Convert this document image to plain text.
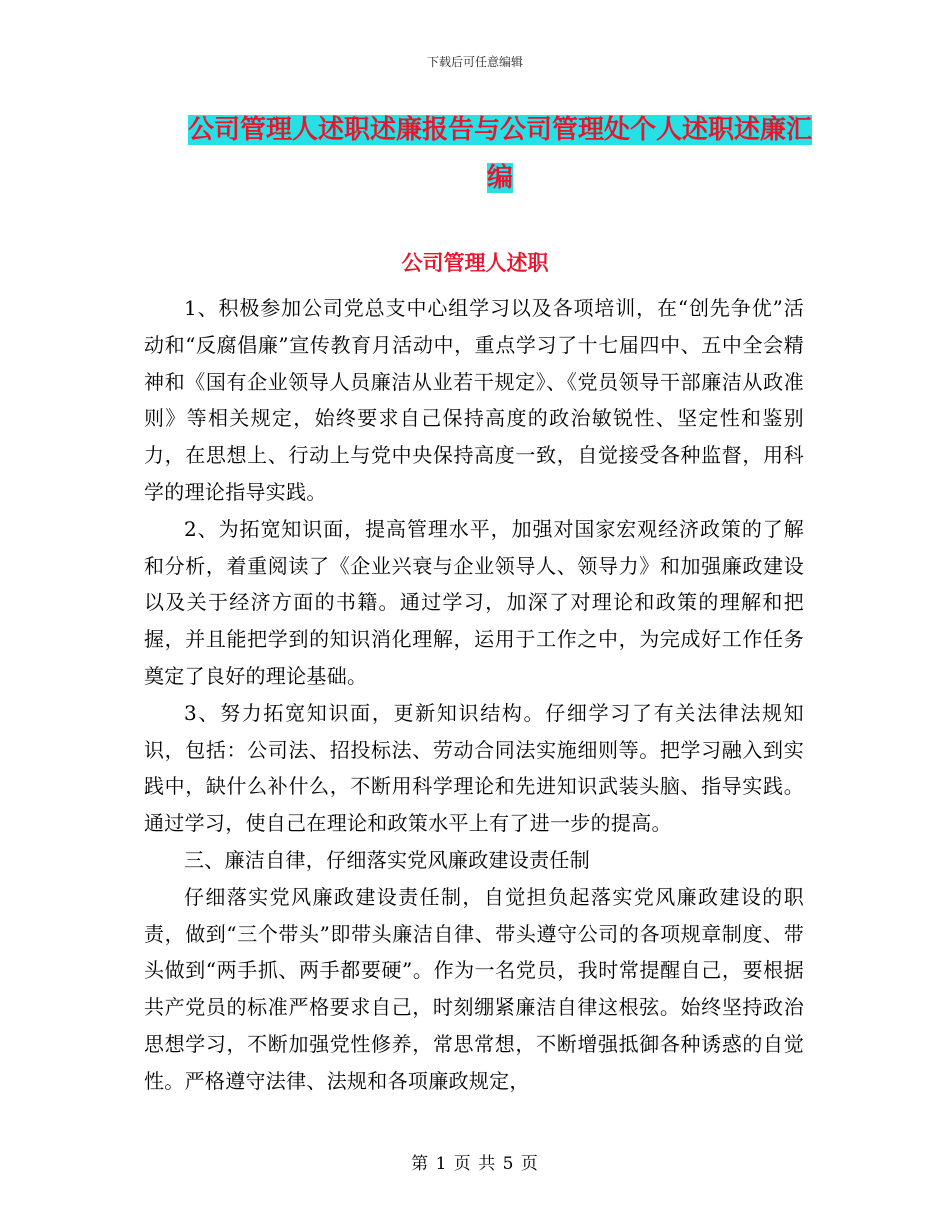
下载后可任意编辑
公司管理人述职述廉报告与公司管理处个人述职述廉汇编
公司管理人述职

1、积极参加公司党总支中心组学习以及各项培训，在“创先争优”活动和“反腐倡廉”宣传教育月活动中，重点学习了十七届四中、五中全会精神和《国有企业领导人员廉洁从业若干规定》、《党员领导干部廉洁从政准则》等相关规定，始终要求自己保持高度的政治敏锐性、坚定性和鉴别力，在思想上、行动上与党中央保持高度一致，自觉接受各种监督，用科学的理论指导实践。

2、为拓宽知识面，提高管理水平，加强对国家宏观经济政策的了解和分析，着重阅读了《企业兴衰与企业领导人、领导力》和加强廉政建设以及关于经济方面的书籍。通过学习，加深了对理论和政策的理解和把握，并且能把学到的知识消化理解，运用于工作之中，为完成好工作任务奠定了良好的理论基础。

3、努力拓宽知识面，更新知识结构。仔细学习了有关法律法规知识，包括：公司法、招投标法、劳动合同法实施细则等。把学习融入到实践中，缺什么补什么，不断用科学理论和先进知识武装头脑、指导实践。通过学习，使自己在理论和政策水平上有了进一步的提高。

三、廉洁自律，仔细落实党风廉政建设责任制

仔细落实党风廉政建设责任制，自觉担负起落实党风廉政建设的职责，做到“三个带头”即带头廉洁自律、带头遵守公司的各项规章制度、带头做到“两手抓、两手都要硬”。作为一名党员，我时常提醒自己，要根据共产党员的标准严格要求自己，时刻绷紧廉洁自律这根弦。始终坚持政治思想学习，不断加强党性修养，常思常想，不断增强抵御各种诱惑的自觉性。严格遵守法律、法规和各项廉政规定，

第 1 页 共 5 页
